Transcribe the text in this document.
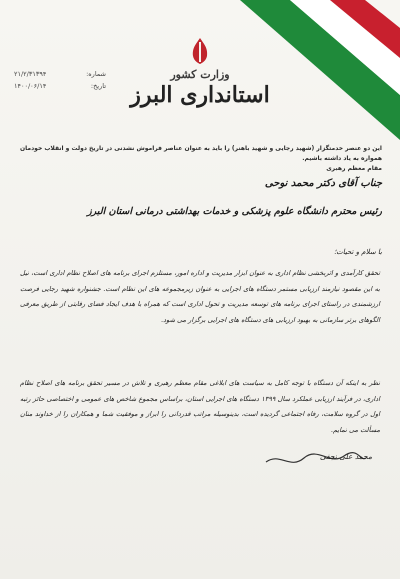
وزارت کشور
استانداری البرز
شماره:
۲۱/۲/۳۱۳۹۴
تاریخ:
۱۴۰۰/۰۶/۱۴
این دو عنصر خدمتگزار (شهید رجایی و شهید باهنر) را باید به عنوان عناصر فراموش نشدنی در تاریخ دولت و انقلاب خودمان همواره به یاد داشته باشیم.
مقام معظم رهبری
جناب آقای دکتر محمد نوحی
رئیس محترم دانشگاه علوم پزشکی و خدمات بهداشتی درمانی استان البرز
با سلام و تحیات؛
تحقق کارآمدی و اثربخشی نظام اداری به عنوان ابزار مدیریت و اداره امور، مستلزم اجرای برنامه های اصلاح نظام اداری است، نیل به این مقصود نیازمند ارزیابی مستمر دستگاه های اجرایی به عنوان زیرمجموعه های این نظام است. جشنواره شهید رجایی فرصت ارزشمندی در راستای اجرای برنامه های توسعه مدیریت و تحول اداری است که همراه با هدف ایجاد فضای رقابتی از طریق معرفی الگوهای برتر سازمانی به بهبود ارزیابی های دستگاه های اجرایی برگزار می شود.
نظر به اینکه آن دستگاه با توجه کامل به سیاست های ابلاغی مقام معظم رهبری و تلاش در مسیر تحقق برنامه های اصلاح نظام اداری، در فرآیند ارزیابی عملکرد سال ۱۳۹۹ دستگاه های اجرایی استان، براساس مجموع شاخص های عمومی و اختصاصی حائز رتبه اول در گروه سلامت، رفاه اجتماعی گردیده است، بدینوسیله مراتب قدردانی را ابراز و موفقیت شما و همکاران را از خداوند منان مسألت می نمایم.
محمد علی نجفی
